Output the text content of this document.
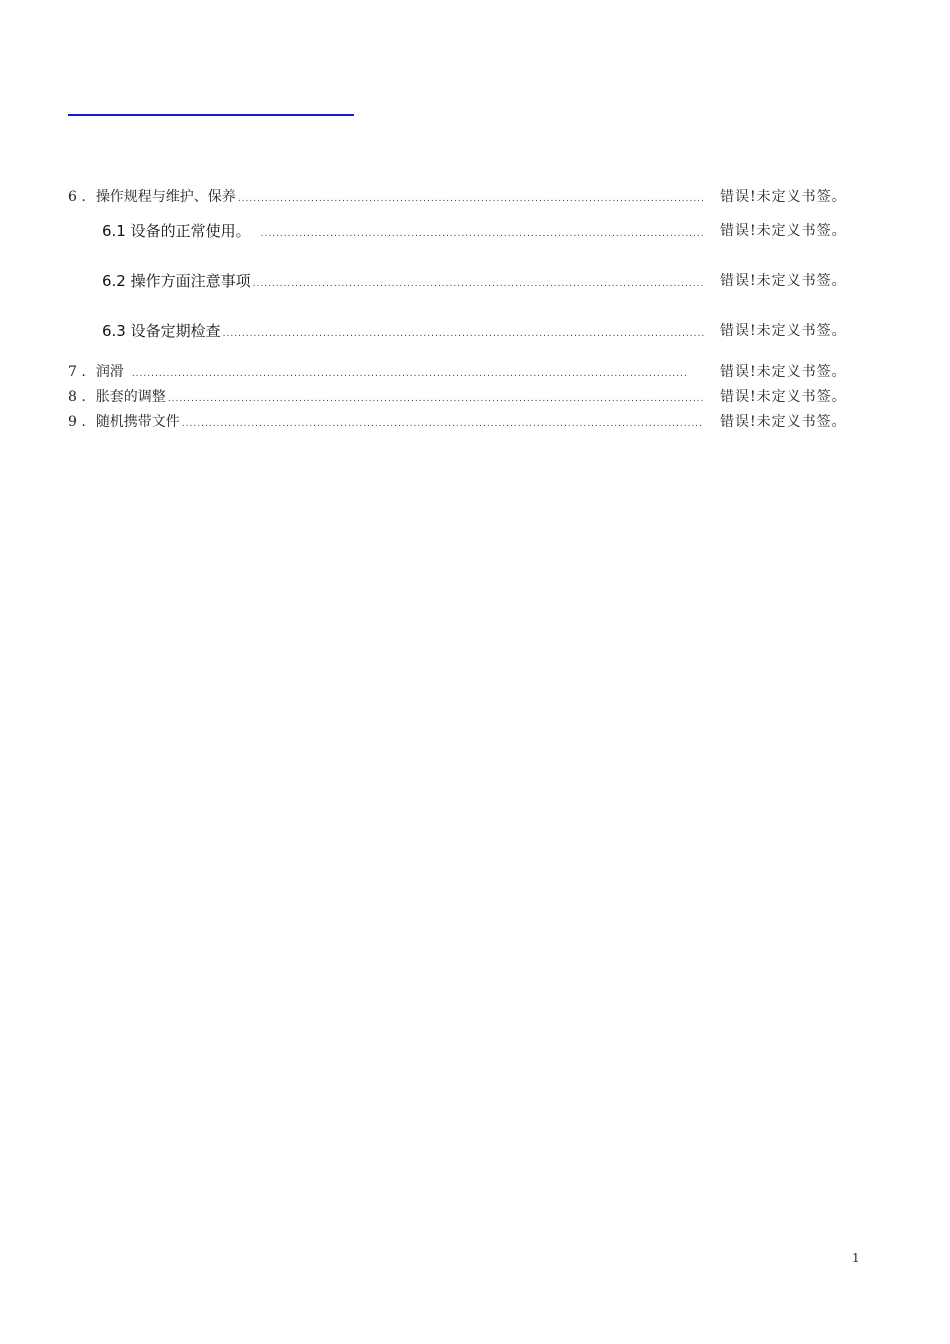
6 . 操作规程与维护、保养 .....	错误!未定义书签。
6.1 设备的正常使用。 .....	错误!未定义书签。
6.2 操作方面注意事项 .....	错误!未定义书签。
6.3 设备定期检查 .....	错误!未定义书签。
7 . 润滑 .....	错误!未定义书签。
8 . 胀套的调整 .....	错误!未定义书签。
9 . 随机携带文件 .....	错误!未定义书签。
1
